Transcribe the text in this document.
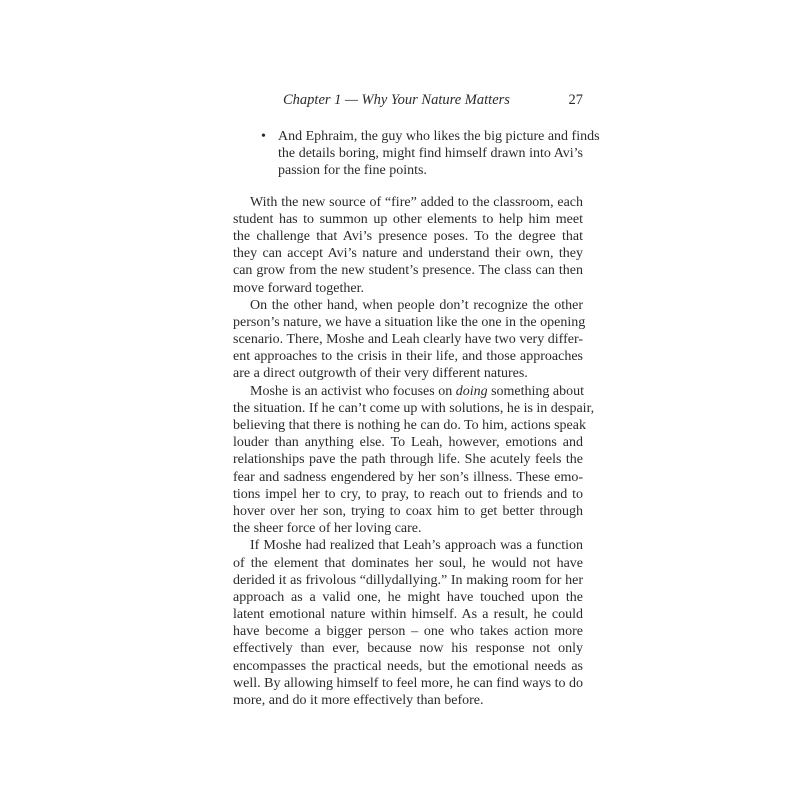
Chapter 1 — Why Your Nature Matters	27
• And Ephraim, the guy who likes the big picture and finds
the details boring, might find himself drawn into Avi’s
passion for the fine points.
With the new source of “fire” added to the classroom, each
student has to summon up other elements to help him meet
the challenge that Avi’s presence poses. To the degree that
they can accept Avi’s nature and understand their own, they
can grow from the new student’s presence. The class can then
move forward together.
On the other hand, when people don’t recognize the other
person’s nature, we have a situation like the one in the opening
scenario. There, Moshe and Leah clearly have two very differ-
ent approaches to the crisis in their life, and those approaches
are a direct outgrowth of their very different natures.
Moshe is an activist who focuses on doing something about
the situation. If he can’t come up with solutions, he is in despair,
believing that there is nothing he can do. To him, actions speak
louder than anything else. To Leah, however, emotions and
relationships pave the path through life. She acutely feels the
fear and sadness engendered by her son’s illness. These emo-
tions impel her to cry, to pray, to reach out to friends and to
hover over her son, trying to coax him to get better through
the sheer force of her loving care.
If Moshe had realized that Leah’s approach was a function
of the element that dominates her soul, he would not have
derided it as frivolous “dillydallying.” In making room for her
approach as a valid one, he might have touched upon the
latent emotional nature within himself. As a result, he could
have become a bigger person – one who takes action more
effectively than ever, because now his response not only
encompasses the practical needs, but the emotional needs as
well. By allowing himself to feel more, he can find ways to do
more, and do it more effectively than before.
